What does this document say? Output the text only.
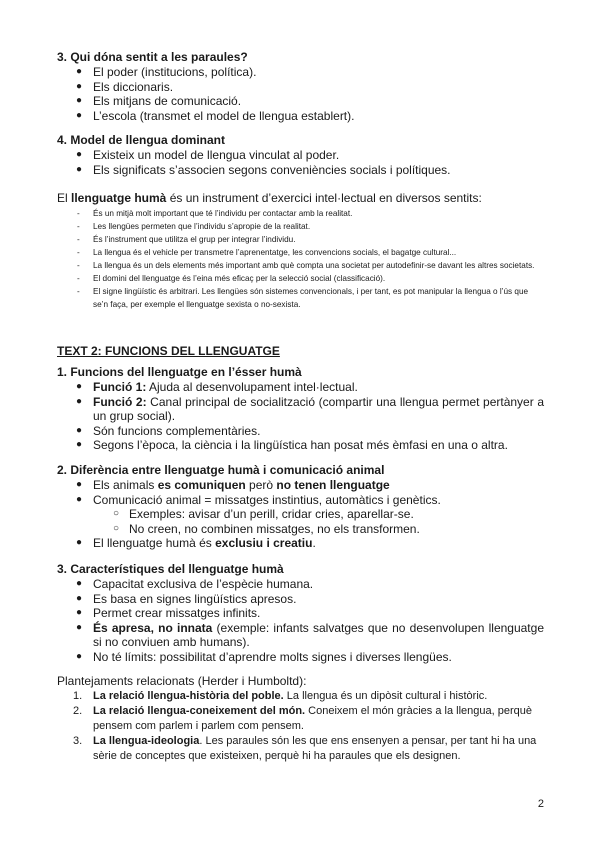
3. Qui dóna sentit a les paraules?
● El poder (institucions, política).
● Els diccionaris.
● Els mitjans de comunicació.
● L’escola (transmet el model de llengua establert).
4. Model de llengua dominant
● Existeix un model de llengua vinculat al poder.
● Els significats s’associen segons conveniències socials i polítiques.
El llenguatge humà és un instrument d’exercici intel·lectual en diversos sentits:
- És un mitjà molt important que té l’individu per contactar amb la realitat.
- Les llengües permeten que l’individu s’apropie de la realitat.
- És l’instrument que utilitza el grup per integrar l’individu.
- La llengua és el vehicle per transmetre l’aprenentatge, les convencions socials, el bagatge cultural...
- La llengua és un dels elements més important amb què compta una societat per autodefinir-se davant les altres societats.
- El domini del llenguatge és l’eina més eficaç per la selecció social (classificació).
- El signe lingüístic és arbitrari. Les llengües són sistemes convencionals, i per tant, es pot manipular la llengua o l’ús que se’n faça, per exemple el llenguatge sexista o no-sexista.
TEXT 2: FUNCIONS DEL LLENGUATGE
1. Funcions del llenguatge en l’ésser humà
● Funció 1: Ajuda al desenvolupament intel·lectual.
● Funció 2: Canal principal de socialització (compartir una llengua permet pertànyer a un grup social).
● Són funcions complementàries.
● Segons l’època, la ciència i la lingüística han posat més èmfasi en una o altra.
2. Diferència entre llenguatge humà i comunicació animal
● Els animals es comuniquen però no tenen llenguatge
● Comunicació animal = missatges instintius, automàtics i genètics.
○ Exemples: avisar d’un perill, cridar cries, aparellar-se.
○ No creen, no combinen missatges, no els transformen.
● El llenguatge humà és exclusiu i creatiu.
3. Característiques del llenguatge humà
● Capacitat exclusiva de l’espècie humana.
● Es basa en signes lingüístics apresos.
● Permet crear missatges infinits.
● És apresa, no innata (exemple: infants salvatges que no desenvolupen llenguatge si no conviuen amb humans).
● No té límits: possibilitat d’aprendre molts signes i diverses llengües.
Plantejaments relacionats (Herder i Humboltd):
1. La relació llengua-història del poble. La llengua és un dipòsit cultural i històric.
2. La relació llengua-coneixement del món. Coneixem el món gràcies a la llengua, perquè pensem com parlem i parlem com pensem.
3. La llengua-ideologia. Les paraules són les que ens ensenyen a pensar, per tant hi ha una sèrie de conceptes que existeixen, perquè hi ha paraules que els designen.
2
